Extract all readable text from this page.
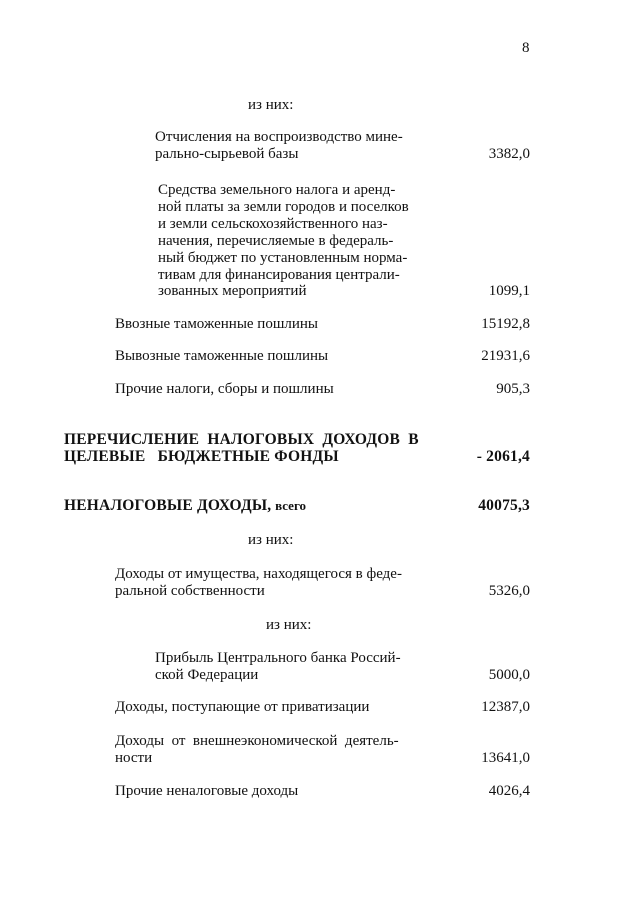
8
из них:
Отчисления на воспроизводство мине-
рально-сырьевой базы	3382,0
Средства земельного налога и аренд-
ной платы за земли городов и поселков
и земли сельскохозяйственного наз-
начения, перечисляемые в федераль-
ный бюджет по установленным норма-
тивам для финансирования централи-
зованных мероприятий	1099,1
Ввозные таможенные пошлины	15192,8
Вывозные таможенные пошлины	21931,6
Прочие налоги, сборы и пошлины	905,3
ПЕРЕЧИСЛЕНИЕ  НАЛОГОВЫХ  ДОХОДОВ  В
ЦЕЛЕВЫЕ   БЮДЖЕТНЫЕ ФОНДЫ	- 2061,4
НЕНАЛОГОВЫЕ ДОХОДЫ, всего	40075,3
из них:
Доходы от имущества, находящегося в феде-
ральной собственности	5326,0
из них:
Прибыль Центрального банка Россий-
ской Федерации	5000,0
Доходы, поступающие от приватизации	12387,0
Доходы  от  внешнеэкономической  деятель-
ности	13641,0
Прочие неналоговые доходы	4026,4
